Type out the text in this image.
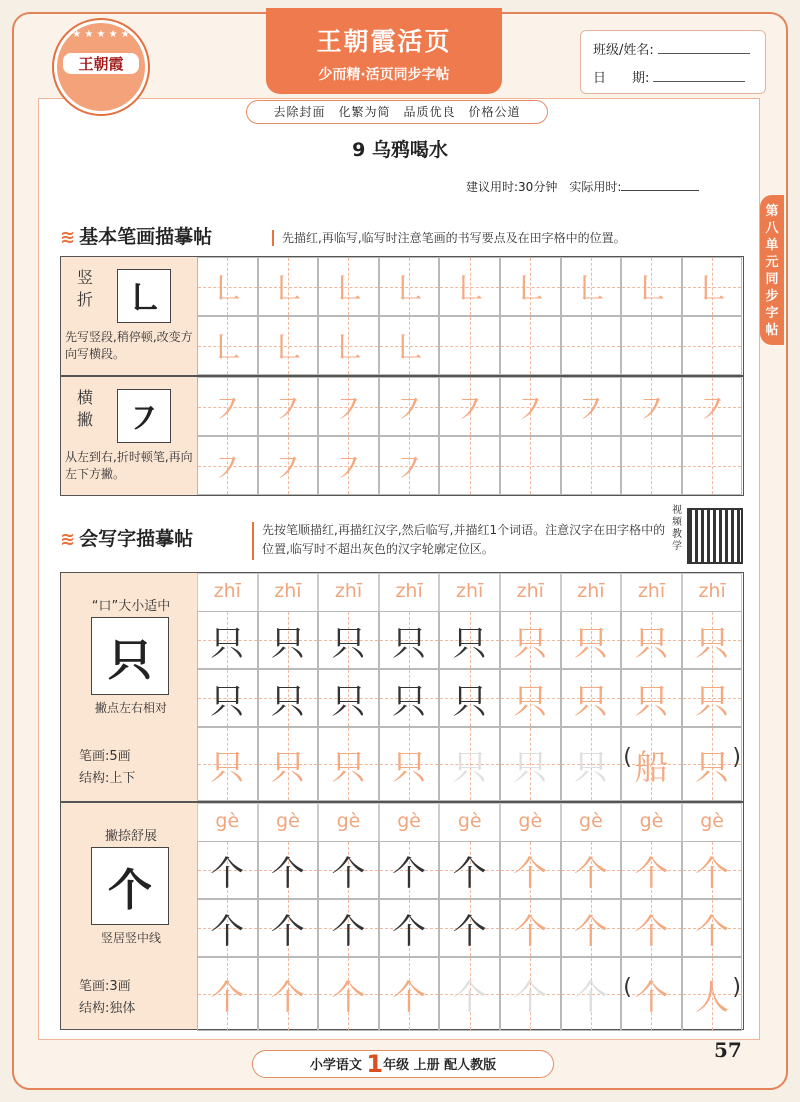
★ ★ ★ ★ ★
王朝霞
王朝霞活页
少而精·活页同步字帖
班级/姓名:
日　　期:
去除封面　化繁为简　品质优良　价格公道
9 乌鸦喝水
建议用时:30分钟　 实际用时:
第八单元同步字帖
≋ 基本笔画描摹帖	先描红,再临写,临写时注意笔画的书写要点及在田字格中的位置。
竖折 ㇗
先写竖段,稍停顿,改变方向写横段。
横撇 ㇇
从左到右,折时顿笔,再向左下方撇。
㇗ ㇗ ㇗ ㇗ ㇗ ㇗ ㇗ ㇗ ㇗
㇗ ㇗ ㇗ ㇗
㇇ ㇇ ㇇ ㇇ ㇇ ㇇ ㇇ ㇇ ㇇
㇇ ㇇ ㇇ ㇇
≋ 会写字描摹帖	先按笔顺描红,再描红汉字,然后临写,并描红1个词语。注意汉字在田字格中的位置,临写时不超出灰色的汉字轮廓定位区。
视频教学
“口”大小适中
只
撇点左右相对
笔画:5画
结构:上下
撇捺舒展
个
竖居竖中线
笔画:3画
结构:独体
zhī	zhī	zhī	zhī	zhī	zhī	zhī	zhī	zhī
只 只 只 只 只 只 只 只 只
只 只 只 只 只 只 只 只 只
只 只 只 只 只 只 只 船 只
(	)
gè	gè	gè	gè	gè	gè	gè	gè	gè
个 个 个 个 个 个 个 个 个
个 个 个 个 个 个 个 个 个
个 个 个 个 个 个 个 个 人
(	)
小学语文 1年级 上册 配人教版
57
